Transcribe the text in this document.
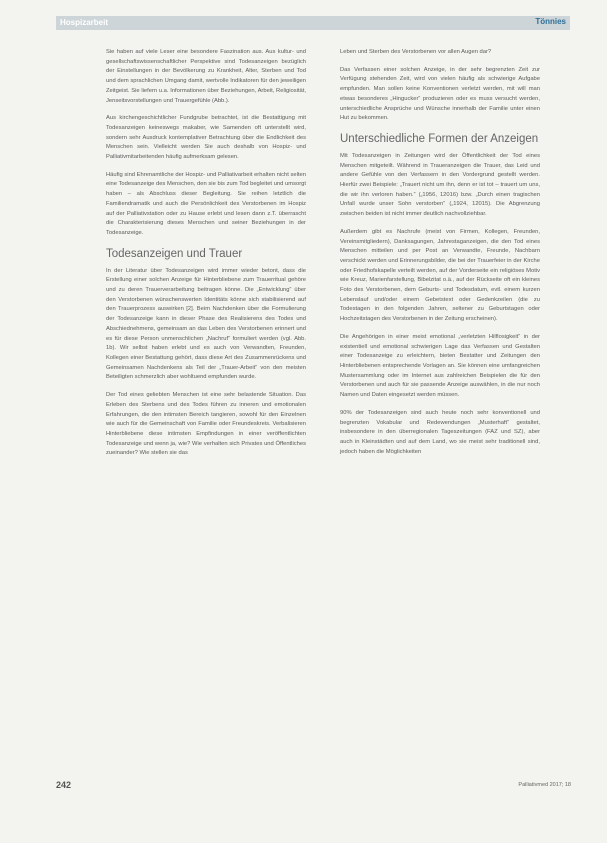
Hospizarbeit	Tönnies

Sie haben auf viele Leser eine besondere Faszination aus. Aus kultur- und gesellschaftswissenschaftlicher Perspektive sind Todesanzeigen bezüglich der Einstellungen in der Bevölkerung zu Krankheit, Alter, Sterben und Tod und dem sprachlichen Umgang damit, wertvolle Indikatoren für den jeweiligen Zeitgeist. Sie liefern u.a. Informationen über Beziehungen, Arbeit, Religiosität, Jenseitsvorstellungen und Trauergefühle (Abb.).

Aus kirchengeschichtlicher Fundgrube betrachtet, ist die Bestattigung mit Todesanzeigen keineswegs makaber, wie Samenden oft unterstellt wird, sondern sehr Ausdruck kontemplativer Betrachtung über die Endlichkeit des Menschen sein. Vielleicht werden Sie auch deshalb von Hospiz- und Palliativmitarbeitenden häufig aufmerksam gelesen.

Häufig sind Ehrenamtliche der Hospiz- und Palliativarbeit erhalten nicht selten eine Todesanzeige des Menschen, den sie bis zum Tod begleitet und umsorgt haben – als Abschluss dieser Begleitung. Sie reihen letztlich die Familiendramatik und auch die Persönlichkeit des Verstorbenen im Hospiz auf der Palliativstation oder zu Hause erlebt und lesen dann z.T. überrascht die Charakterisierung dieses Menschen und seiner Beziehungen in der Todesanzeige.

Todesanzeigen und Trauer

In der Literatur über Todesanzeigen wird immer wieder betont, dass die Erstellung einer solchen Anzeige für Hinterbliebene zum Trauerritual gehöre und zu deren Trauerverarbeitung beitragen könne. Die „Entwicklung“ über den Verstorbenen wünschenswerten Identitäts könne sich stabilisierend auf den Trauerprozess auswirken [2]. Beim Nachdenken über die Formulierung der Todesanzeige kann in dieser Phase des Realisierens des Todes und Abschiednehmens, gemeinsam an das Leben des Verstorbenen erinnert und es für diese Person unmenschlichen „Nachruf“ formuliert werden (vgl. Abb. 1b). Wir selbst haben erlebt und es auch von Verwandten, Freunden, Kollegen einer Bestattung gehört, dass diese Art des Zusammenrückens und Gemeinsamen Nachdenkens als Teil der „Trauer-Arbeit“ von den meisten Beteiligten schmerzlich aber wohltuend empfunden wurde.

Der Tod eines geliebten Menschen ist eine sehr belastende Situation. Das Erleben des Sterbens und des Todes führen zu inneren und emotionalen Erfahrungen, die den intimsten Bereich tangieren, sowohl für den Einzelnen wie auch für die Gemeinschaft von Familie oder Freundeskreis. Verbalisieren Hinterbliebene diese intimsten Empfindungen in einer veröffentlichten Todesanzeige und wenn ja, wie? Wie verhalten sich Privates und Öffentliches zueinander? Wie stellen sie das

Leben und Sterben des Verstorbenen vor allen Augen dar?

Das Verfassen einer solchen Anzeige, in der sehr begrenzten Zeit zur Verfügung stehenden Zeit, wird von vielen häufig als schwierige Aufgabe empfunden. Man sollen keine Konventionen verletzt werden, mit will man etwas besonderes „Hingucker“ produzieren oder es muss versucht werden, unterschiedliche Ansprüche und Wünsche innerhalb der Familie unter einen Hut zu bekommen.

Unterschiedliche Formen der Anzeigen

Mit Todesanzeigen in Zeitungen wird der Öffentlichkeit der Tod eines Menschen mitgeteilt. Während in Traueranzeigen die Trauer, das Leid und andere Gefühle von den Verfassern in den Vordergrund gestellt werden. Hierfür zwei Beispiele: „Trauert nicht um ihn, denn er ist tot – trauert um uns, die wir ihn verloren haben.“ („1956, 12016) bzw. „Durch einen tragischen Unfall wurde unser Sohn verstorben“ („1924, 12015). Die Abgrenzung zwischen beiden ist nicht immer deutlich nachvollziehbar.

Außerdem gibt es Nachrufe (meist von Firmen, Kollegen, Freunden, Vereinsmitgliedern), Danksagungen, Jahrestaganzeigen, die den Tod eines Menschen mitteilen und per Post an Verwandte, Freunde, Nachbarn verschickt werden und Erinnerungsbilder, die bei der Trauerfeier in der Kirche oder Friedhofskapelle verteilt werden, auf der Vorderseite ein religiöses Motiv wie Kreuz, Marienfarstellung, Bibelzitat o.ä., auf der Rückseite oft ein kleines Foto des Verstorbenen, dem Geburts- und Todesdatum, evtl. einem kurzen Lebenslauf und/oder einem Gebetstext oder Gedenkzeilen (die zu Todestagen in den folgenden Jahren, seltener zu Geburtstagen oder Hochzeitstagen des Verstorbenen in der Zeitung erscheinen).

Die Angehörigen in einer meist emotional „verletzten Hilflosigkeit“ in der existentiell und emotional schwierigen Lage das Verfassen und Gestalten einer Todesanzeige zu erleichtern, bieten Bestatter und Zeitungen den Hinterbliebenen entsprechende Vorlagen an. Sie können eine umfangreichen Mustersammlung oder im Internet aus zahlreichen Beispielen die für den Verstorbenen und auch für sie passende Anzeige auswählen, in die nur noch Namen und Daten eingesetzt werden müssen.

90% der Todesanzeigen sind auch heute noch sehr konventionell und begrenzten Vokabular und Redewendungen „Musterhaft“ gestaltet, insbesondere in den überregionalen Tageszeitungen (FAZ und SZ), aber auch in Kleinstädten und auf dem Land, wo sie meist sehr traditionell sind, jedoch haben die Möglichkeiten

242	Palliativmed 2017; 18
